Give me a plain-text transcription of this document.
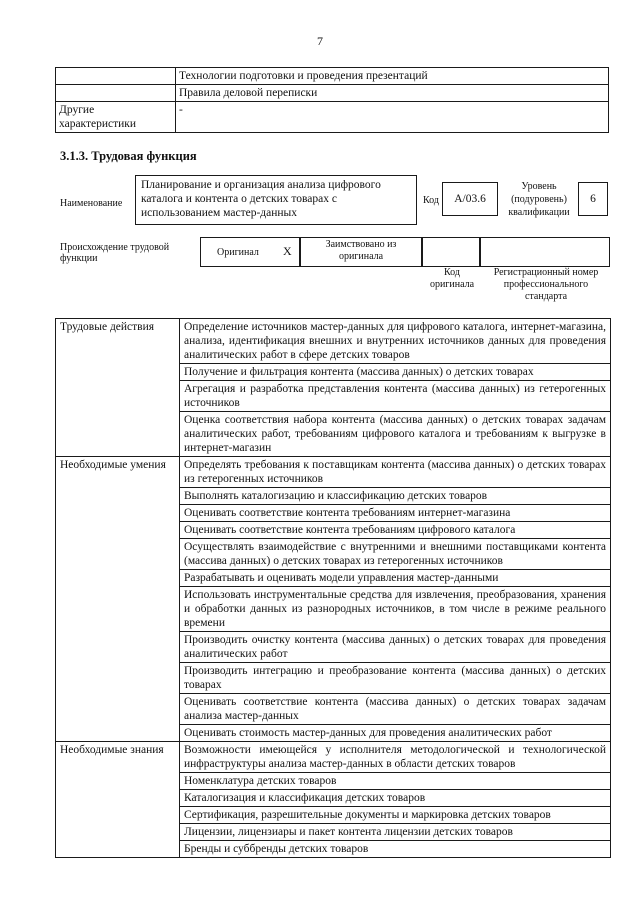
7
	Технологии подготовки и проведения презентаций
	Правила деловой переписки
Другие характеристики	-
3.1.3. Трудовая функция
Наименование
Планирование и организация анализа цифрового каталога и контента о детских товарах с использованием мастер-данных
Код	A/03.6
Уровень (подуровень) квалификации
6
Происхождение трудовой функции
Оригинал X	Заимствовано из оригинала
Код оригинала
Регистрационный номер профессионального стандарта
Трудовые действия	Определение источников мастер-данных для цифрового каталога, интернет-магазина, анализа, идентификация внешних и внутренних источников данных для проведения аналитических работ в сфере детских товаров
	Получение и фильтрация контента (массива данных) о детских товарах
	Агрегация и разработка представления контента (массива данных) из гетерогенных источников
	Оценка соответствия набора контента (массива данных) о детских товарах задачам аналитических работ, требованиям цифрового каталога и требованиям к выгрузке в интернет-магазин
Необходимые умения	Определять требования к поставщикам контента (массива данных) о детских товарах из гетерогенных источников
	Выполнять каталогизацию и классификацию детских товаров
	Оценивать соответствие контента требованиям интернет-магазина
	Оценивать соответствие контента требованиям цифрового каталога
	Осуществлять взаимодействие с внутренними и внешними поставщиками контента (массива данных) о детских товарах из гетерогенных источников
	Разрабатывать и оценивать модели управления мастер-данными
	Использовать инструментальные средства для извлечения, преобразования, хранения и обработки данных из разнородных источников, в том числе в режиме реального времени
	Производить очистку контента (массива данных) о детских товарах для проведения аналитических работ
	Производить интеграцию и преобразование контента (массива данных) о детских товарах
	Оценивать соответствие контента (массива данных) о детских товарах задачам анализа мастер-данных
	Оценивать стоимость мастер-данных для проведения аналитических работ
Необходимые знания	Возможности имеющейся у исполнителя методологической и технологической инфраструктуры анализа мастер-данных в области детских товаров
	Номенклатура детских товаров
	Каталогизация и классификация детских товаров
	Сертификация, разрешительные документы и маркировка детских товаров
	Лицензии, лицензиары и пакет контента лицензии детских товаров
	Бренды и суббренды детских товаров
